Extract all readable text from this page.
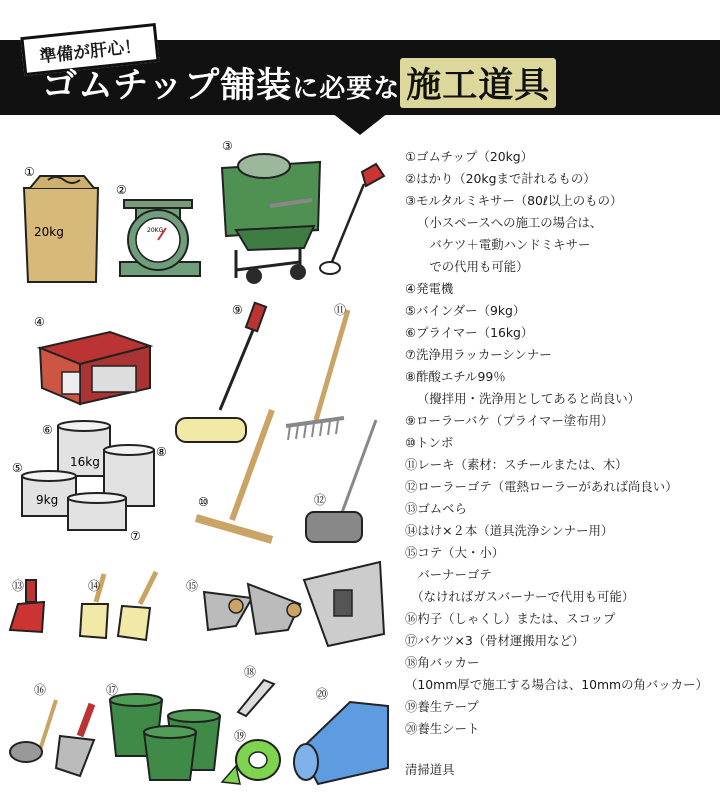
準備が肝心！
ゴムチップ舗装に必要な 施工道具
20kg	20KG
16kg
9kg
①
②
③
④
⑤
⑥
⑦
⑧
⑨
⑩
⑪
⑫
⑬	⑭	⑮
⑯	⑰
⑱
⑲
⑳
①ゴムチップ（20kg）
②はかり（20kgまで計れるもの）
③モルタルミキサー（80ℓ以上のもの）
（小スペースへの施工の場合は、
　バケツ＋電動ハンドミキサー
　での代用も可能）
④発電機
⑤バインダー（9kg）
⑥プライマー（16kg）
⑦洗浄用ラッカーシンナー
⑧酢酸エチル99％
（攪拌用・洗浄用としてあると尚良い）
⑨ローラーバケ（プライマー塗布用）
⑩トンボ
⑪レーキ（素材：スチールまたは、木）
⑫ローラーゴテ（電熱ローラーがあれば尚良い）
⑬ゴムベら
⑭はけ×２本（道具洗浄シンナー用）
⑮コテ（大・小）
　バーナーゴテ
　（なければガスバーナーで代用も可能）
⑯杓子（しゃくし）または、スコップ
⑰バケツ×3（骨材運搬用など）
⑱角バッカー
（10mm厚で施工する場合は、10mmの角バッカー）
⑲養生テープ
⑳養生シート
清掃道具
